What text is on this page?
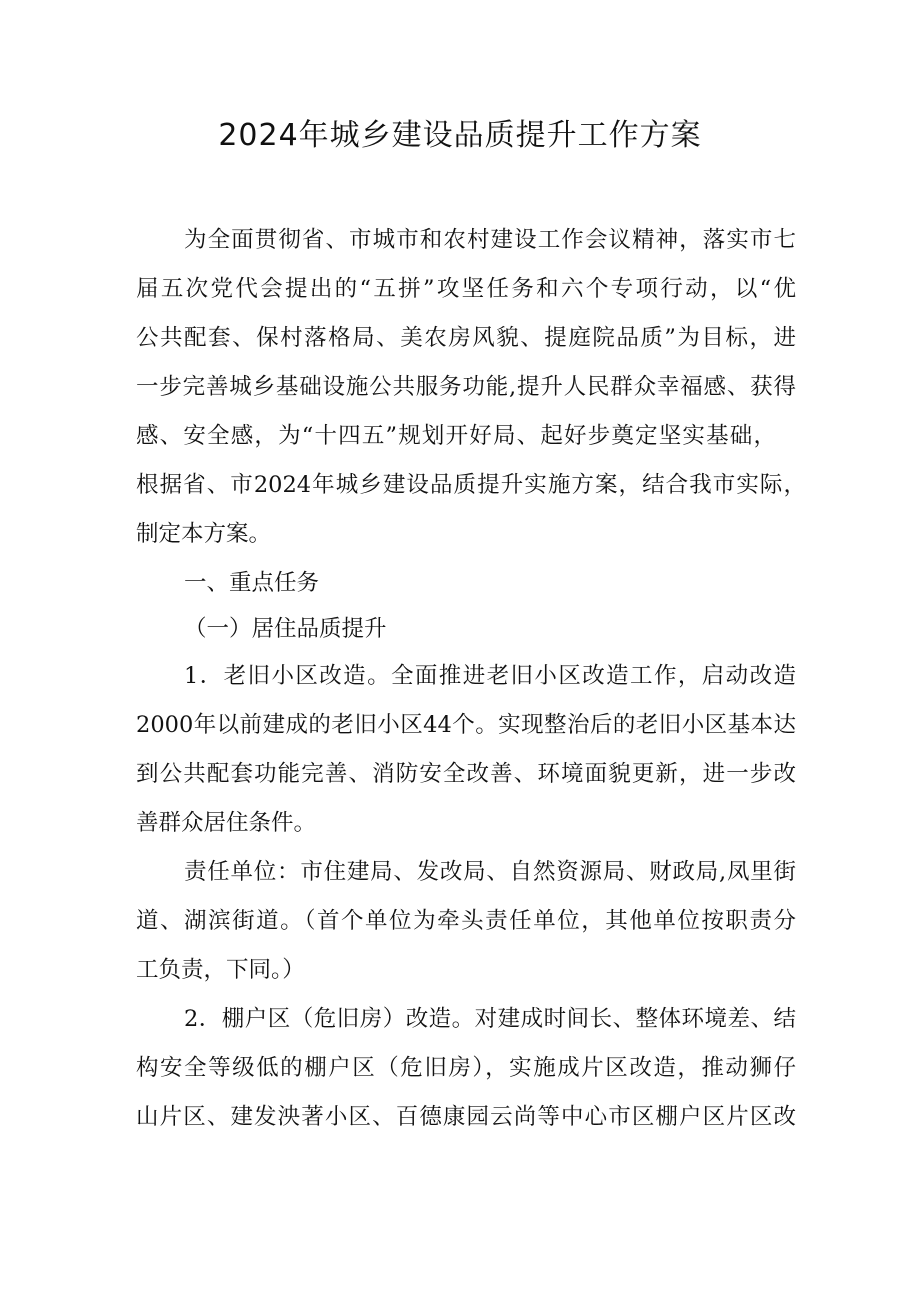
2024年城乡建设品质提升工作方案
为全面贯彻省、市城市和农村建设工作会议精神，落实市七
届五次党代会提出的“五拼”攻坚任务和六个专项行动，以“优
公共配套、保村落格局、美农房风貌、提庭院品质”为目标，进
一步完善城乡基础设施公共服务功能,提升人民群众幸福感、获得
感、安全感，为“十四五”规划开好局、起好步奠定坚实基础，
根据省、市2024年城乡建设品质提升实施方案，结合我市实际，
制定本方案。
一、重点任务
（一）居住品质提升
1．老旧小区改造。全面推进老旧小区改造工作，启动改造
2000年以前建成的老旧小区44个。实现整治后的老旧小区基本达
到公共配套功能完善、消防安全改善、环境面貌更新，进一步改
善群众居住条件。
责任单位：市住建局、发改局、自然资源局、财政局,凤里街
道、湖滨街道。（首个单位为牵头责任单位，其他单位按职责分
工负责，下同。）
2．棚户区（危旧房）改造。对建成时间长、整体环境差、结
构安全等级低的棚户区（危旧房），实施成片区改造，推动狮仔
山片区、建发泱著小区、百德康园云尚等中心市区棚户区片区改
